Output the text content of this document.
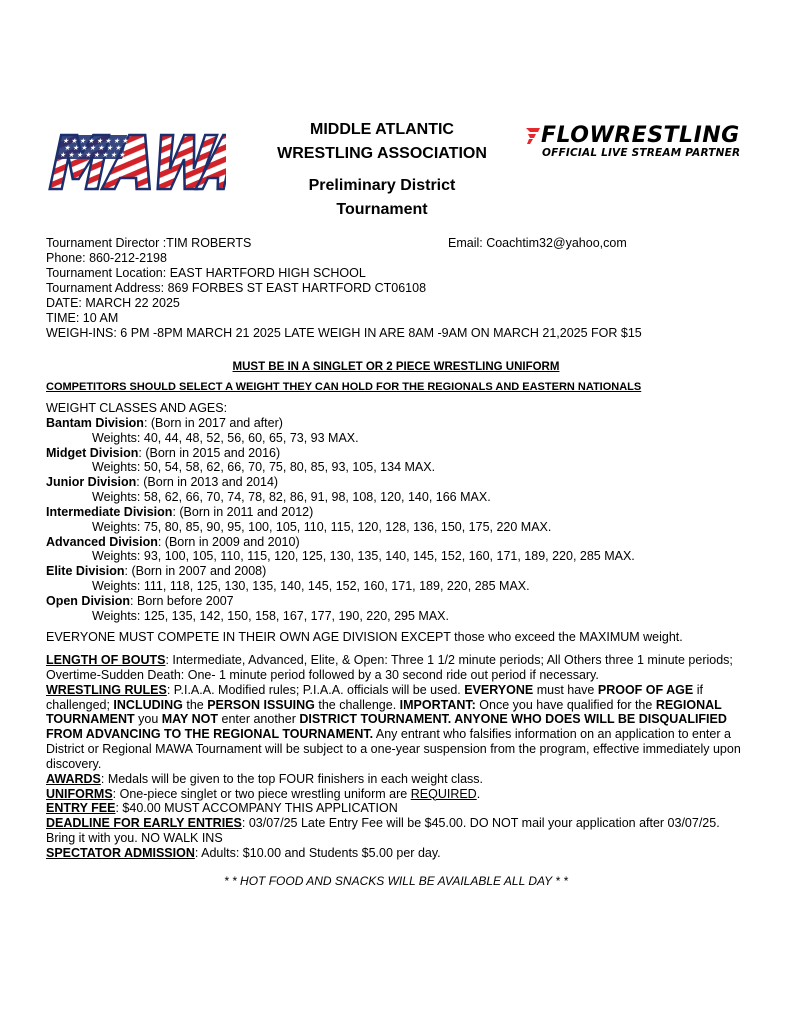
★ ★ ★ ★ ★ ★ ★ ★
★ ★ ★ ★ ★ ★ ★
★ ★ ★ ★ ★ ★ ★ ★
MIDDLE ATLANTIC
WRESTLING ASSOCIATION
Preliminary District
Tournament
FLOWRESTLING
OFFICIAL LIVE STREAM PARTNER
Tournament Director :TIM ROBERTS
Phone: 860-212-2198
Tournament Location: EAST HARTFORD HIGH SCHOOL
Tournament Address: 869 FORBES ST EAST HARTFORD CT06108
DATE: MARCH 22 2025
TIME: 10 AM
WEIGH-INS: 6 PM -8PM MARCH 21 2025 LATE WEIGH IN ARE 8AM -9AM ON MARCH 21,2025 FOR $15
Email: Coachtim32@yahoo,com
MUST BE IN A SINGLET OR 2 PIECE WRESTLING UNIFORM
COMPETITORS SHOULD SELECT A WEIGHT THEY CAN HOLD FOR THE REGIONALS AND EASTERN NATIONALS
WEIGHT CLASSES AND AGES:
Bantam Division: (Born in 2017 and after)
Weights: 40, 44, 48, 52, 56, 60, 65, 73, 93 MAX.
Midget Division: (Born in 2015 and 2016)
Weights: 50, 54, 58, 62, 66, 70, 75, 80, 85, 93, 105, 134 MAX.
Junior Division: (Born in 2013 and 2014)
Weights: 58, 62, 66, 70, 74, 78, 82, 86, 91, 98, 108, 120, 140, 166 MAX.
Intermediate Division: (Born in 2011 and 2012)
Weights: 75, 80, 85, 90, 95, 100, 105, 110, 115, 120, 128, 136, 150, 175, 220 MAX.
Advanced Division: (Born in 2009 and 2010)
Weights: 93, 100, 105, 110, 115, 120, 125, 130, 135, 140, 145, 152, 160, 171, 189, 220, 285 MAX.
Elite Division: (Born in 2007 and 2008)
Weights: 111, 118, 125, 130, 135, 140, 145, 152, 160, 171, 189, 220, 285 MAX.
Open Division: Born before 2007
Weights: 125, 135, 142, 150, 158, 167, 177, 190, 220, 295 MAX.
EVERYONE MUST COMPETE IN THEIR OWN AGE DIVISION EXCEPT those who exceed the MAXIMUM weight.
LENGTH OF BOUTS: Intermediate, Advanced, Elite, & Open: Three 1 1/2 minute periods; All Others three 1 minute periods; Overtime-Sudden Death: One- 1 minute period followed by a 30 second ride out period if necessary.
WRESTLING RULES: P.I.A.A. Modified rules; P.I.A.A. officials will be used. EVERYONE must have PROOF OF AGE if challenged; INCLUDING the PERSON ISSUING the challenge. IMPORTANT: Once you have qualified for the REGIONAL TOURNAMENT you MAY NOT enter another DISTRICT TOURNAMENT. ANYONE WHO DOES WILL BE DISQUALIFIED FROM ADVANCING TO THE REGIONAL TOURNAMENT. Any entrant who falsifies information on an application to enter a District or Regional MAWA Tournament will be subject to a one-year suspension from the program, effective immediately upon discovery.
AWARDS: Medals will be given to the top FOUR finishers in each weight class.
UNIFORMS: One-piece singlet or two piece wrestling uniform are REQUIRED.
ENTRY FEE: $40.00 MUST ACCOMPANY THIS APPLICATION
DEADLINE FOR EARLY ENTRIES: 03/07/25 Late Entry Fee will be $45.00. DO NOT mail your application after 03/07/25. Bring it with you. NO WALK INS
SPECTATOR ADMISSION: Adults: $10.00 and Students $5.00 per day.
* * HOT FOOD AND SNACKS WILL BE AVAILABLE ALL DAY * *
